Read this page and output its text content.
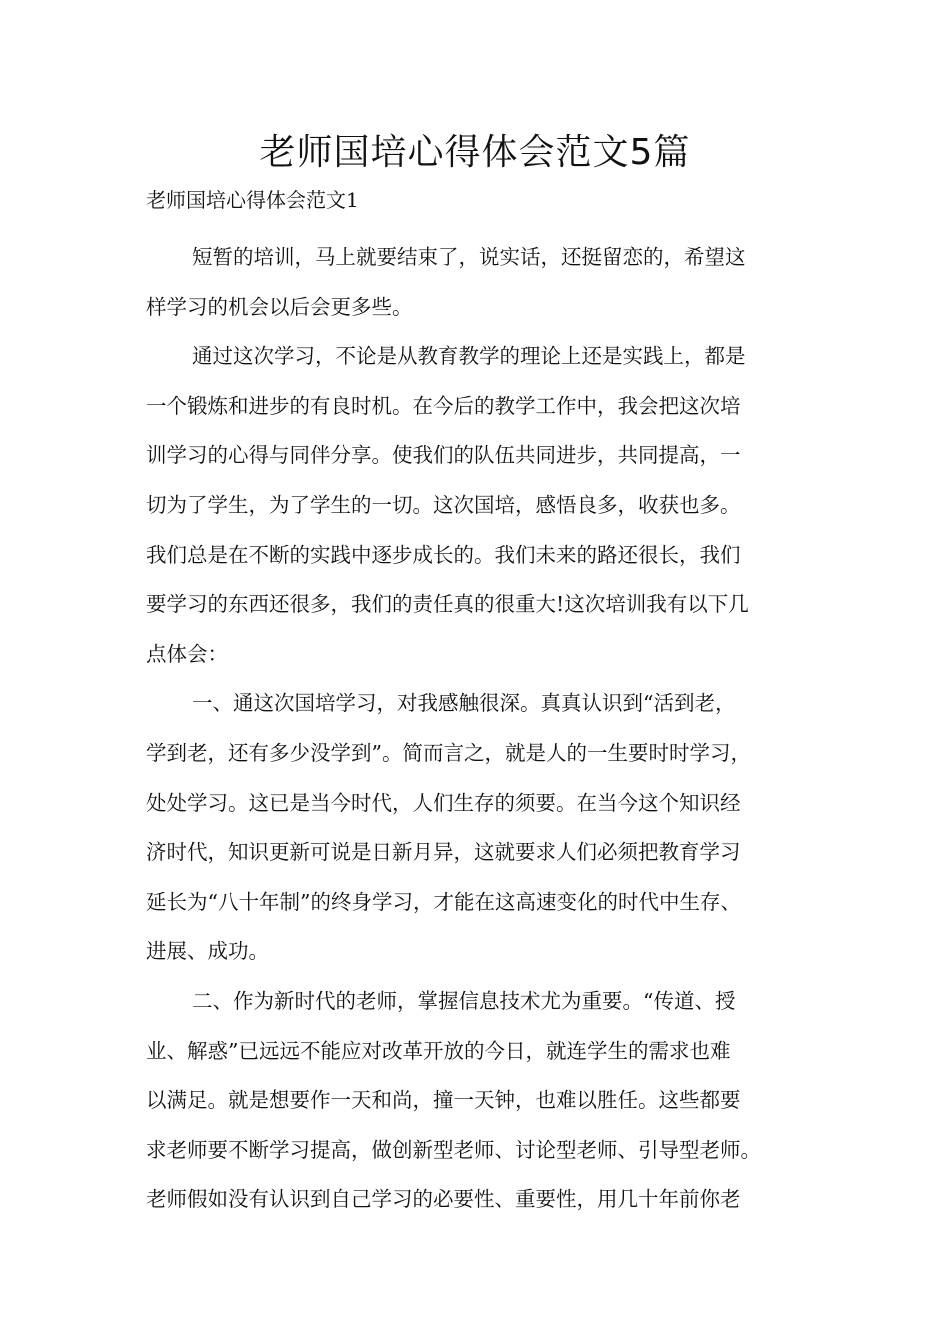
老师国培心得体会范文5篇
老师国培心得体会范文1

短暂的培训，马上就要结束了，说实话，还挺留恋的，希望这
样学习的机会以后会更多些。

通过这次学习，不论是从教育教学的理论上还是实践上，都是
一个锻炼和进步的有良时机。在今后的教学工作中，我会把这次培
训学习的心得与同伴分享。使我们的队伍共同进步，共同提高，一
切为了学生，为了学生的一切。这次国培，感悟良多，收获也多。
我们总是在不断的实践中逐步成长的。我们未来的路还很长，我们
要学习的东西还很多，我们的责任真的很重大!这次培训我有以下几
点体会：

一、通这次国培学习，对我感触很深。真真认识到“活到老，
学到老，还有多少没学到”。简而言之，就是人的一生要时时学习，
处处学习。这已是当今时代，人们生存的须要。在当今这个知识经
济时代，知识更新可说是日新月异，这就要求人们必须把教育学习
延长为“八十年制”的终身学习，才能在这高速变化的时代中生存、
进展、成功。

二、作为新时代的老师，掌握信息技术尤为重要。“传道、授
业、解惑”已远远不能应对改革开放的今日，就连学生的需求也难
以满足。就是想要作一天和尚，撞一天钟，也难以胜任。这些都要
求老师要不断学习提高，做创新型老师、讨论型老师、引导型老师。
老师假如没有认识到自己学习的必要性、重要性，用几十年前你老
